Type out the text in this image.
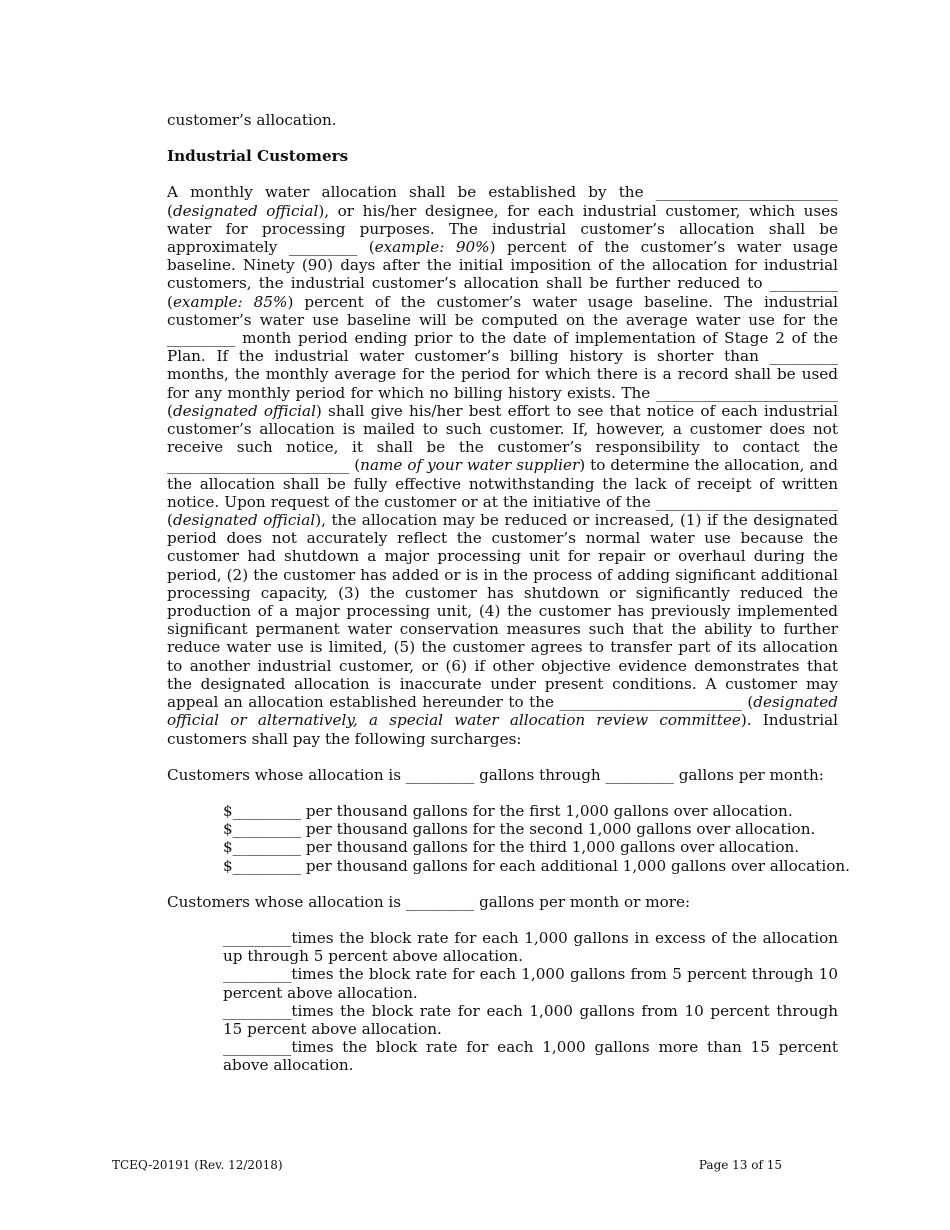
customer’s allocation.

Industrial Customers

A monthly water allocation shall be established by the ________________________ (designated official), or his/her designee, for each industrial customer, which uses water for processing purposes. The industrial customer’s allocation shall be approximately _________ (example: 90%) percent of the customer’s water usage baseline. Ninety (90) days after the initial imposition of the allocation for industrial customers, the industrial customer’s allocation shall be further reduced to _________ (example: 85%) percent of the customer’s water usage baseline. The industrial customer’s water use baseline will be computed on the average water use for the _________ month period ending prior to the date of implementation of Stage 2 of the Plan. If the industrial water customer’s billing history is shorter than _________ months, the monthly average for the period for which there is a record shall be used for any monthly period for which no billing history exists. The ________________________ (designated official) shall give his/her best effort to see that notice of each industrial customer’s allocation is mailed to such customer. If, however, a customer does not receive such notice, it shall be the customer’s responsibility to contact the ________________________ (name of your water supplier) to determine the allocation, and the allocation shall be fully effective notwithstanding the lack of receipt of written notice. Upon request of the customer or at the initiative of the ________________________ (designated official), the allocation may be reduced or increased, (1) if the designated period does not accurately reflect the customer’s normal water use because the customer had shutdown a major processing unit for repair or overhaul during the period, (2) the customer has added or is in the process of adding significant additional processing capacity, (3) the customer has shutdown or significantly reduced the production of a major processing unit, (4) the customer has previously implemented significant permanent water conservation measures such that the ability to further reduce water use is limited, (5) the customer agrees to transfer part of its allocation to another industrial customer, or (6) if other objective evidence demonstrates that the designated allocation is inaccurate under present conditions. A customer may appeal an allocation established hereunder to the ________________________ (designated official or alternatively, a special water allocation review committee). Industrial customers shall pay the following surcharges:

Customers whose allocation is _________ gallons through _________ gallons per month:

$_________ per thousand gallons for the first 1,000 gallons over allocation.
$_________ per thousand gallons for the second 1,000 gallons over allocation.
$_________ per thousand gallons for the third 1,000 gallons over allocation.
$_________ per thousand gallons for each additional 1,000 gallons over allocation.

Customers whose allocation is _________ gallons per month or more:

_________times the block rate for each 1,000 gallons in excess of the allocation up through 5 percent above allocation.

_________times the block rate for each 1,000 gallons from 5 percent through 10 percent above allocation.

_________times the block rate for each 1,000 gallons from 10 percent through 15 percent above allocation.

_________times the block rate for each 1,000 gallons more than 15 percent above allocation.

TCEQ-20191 (Rev. 12/2018)	Page 13 of 15
